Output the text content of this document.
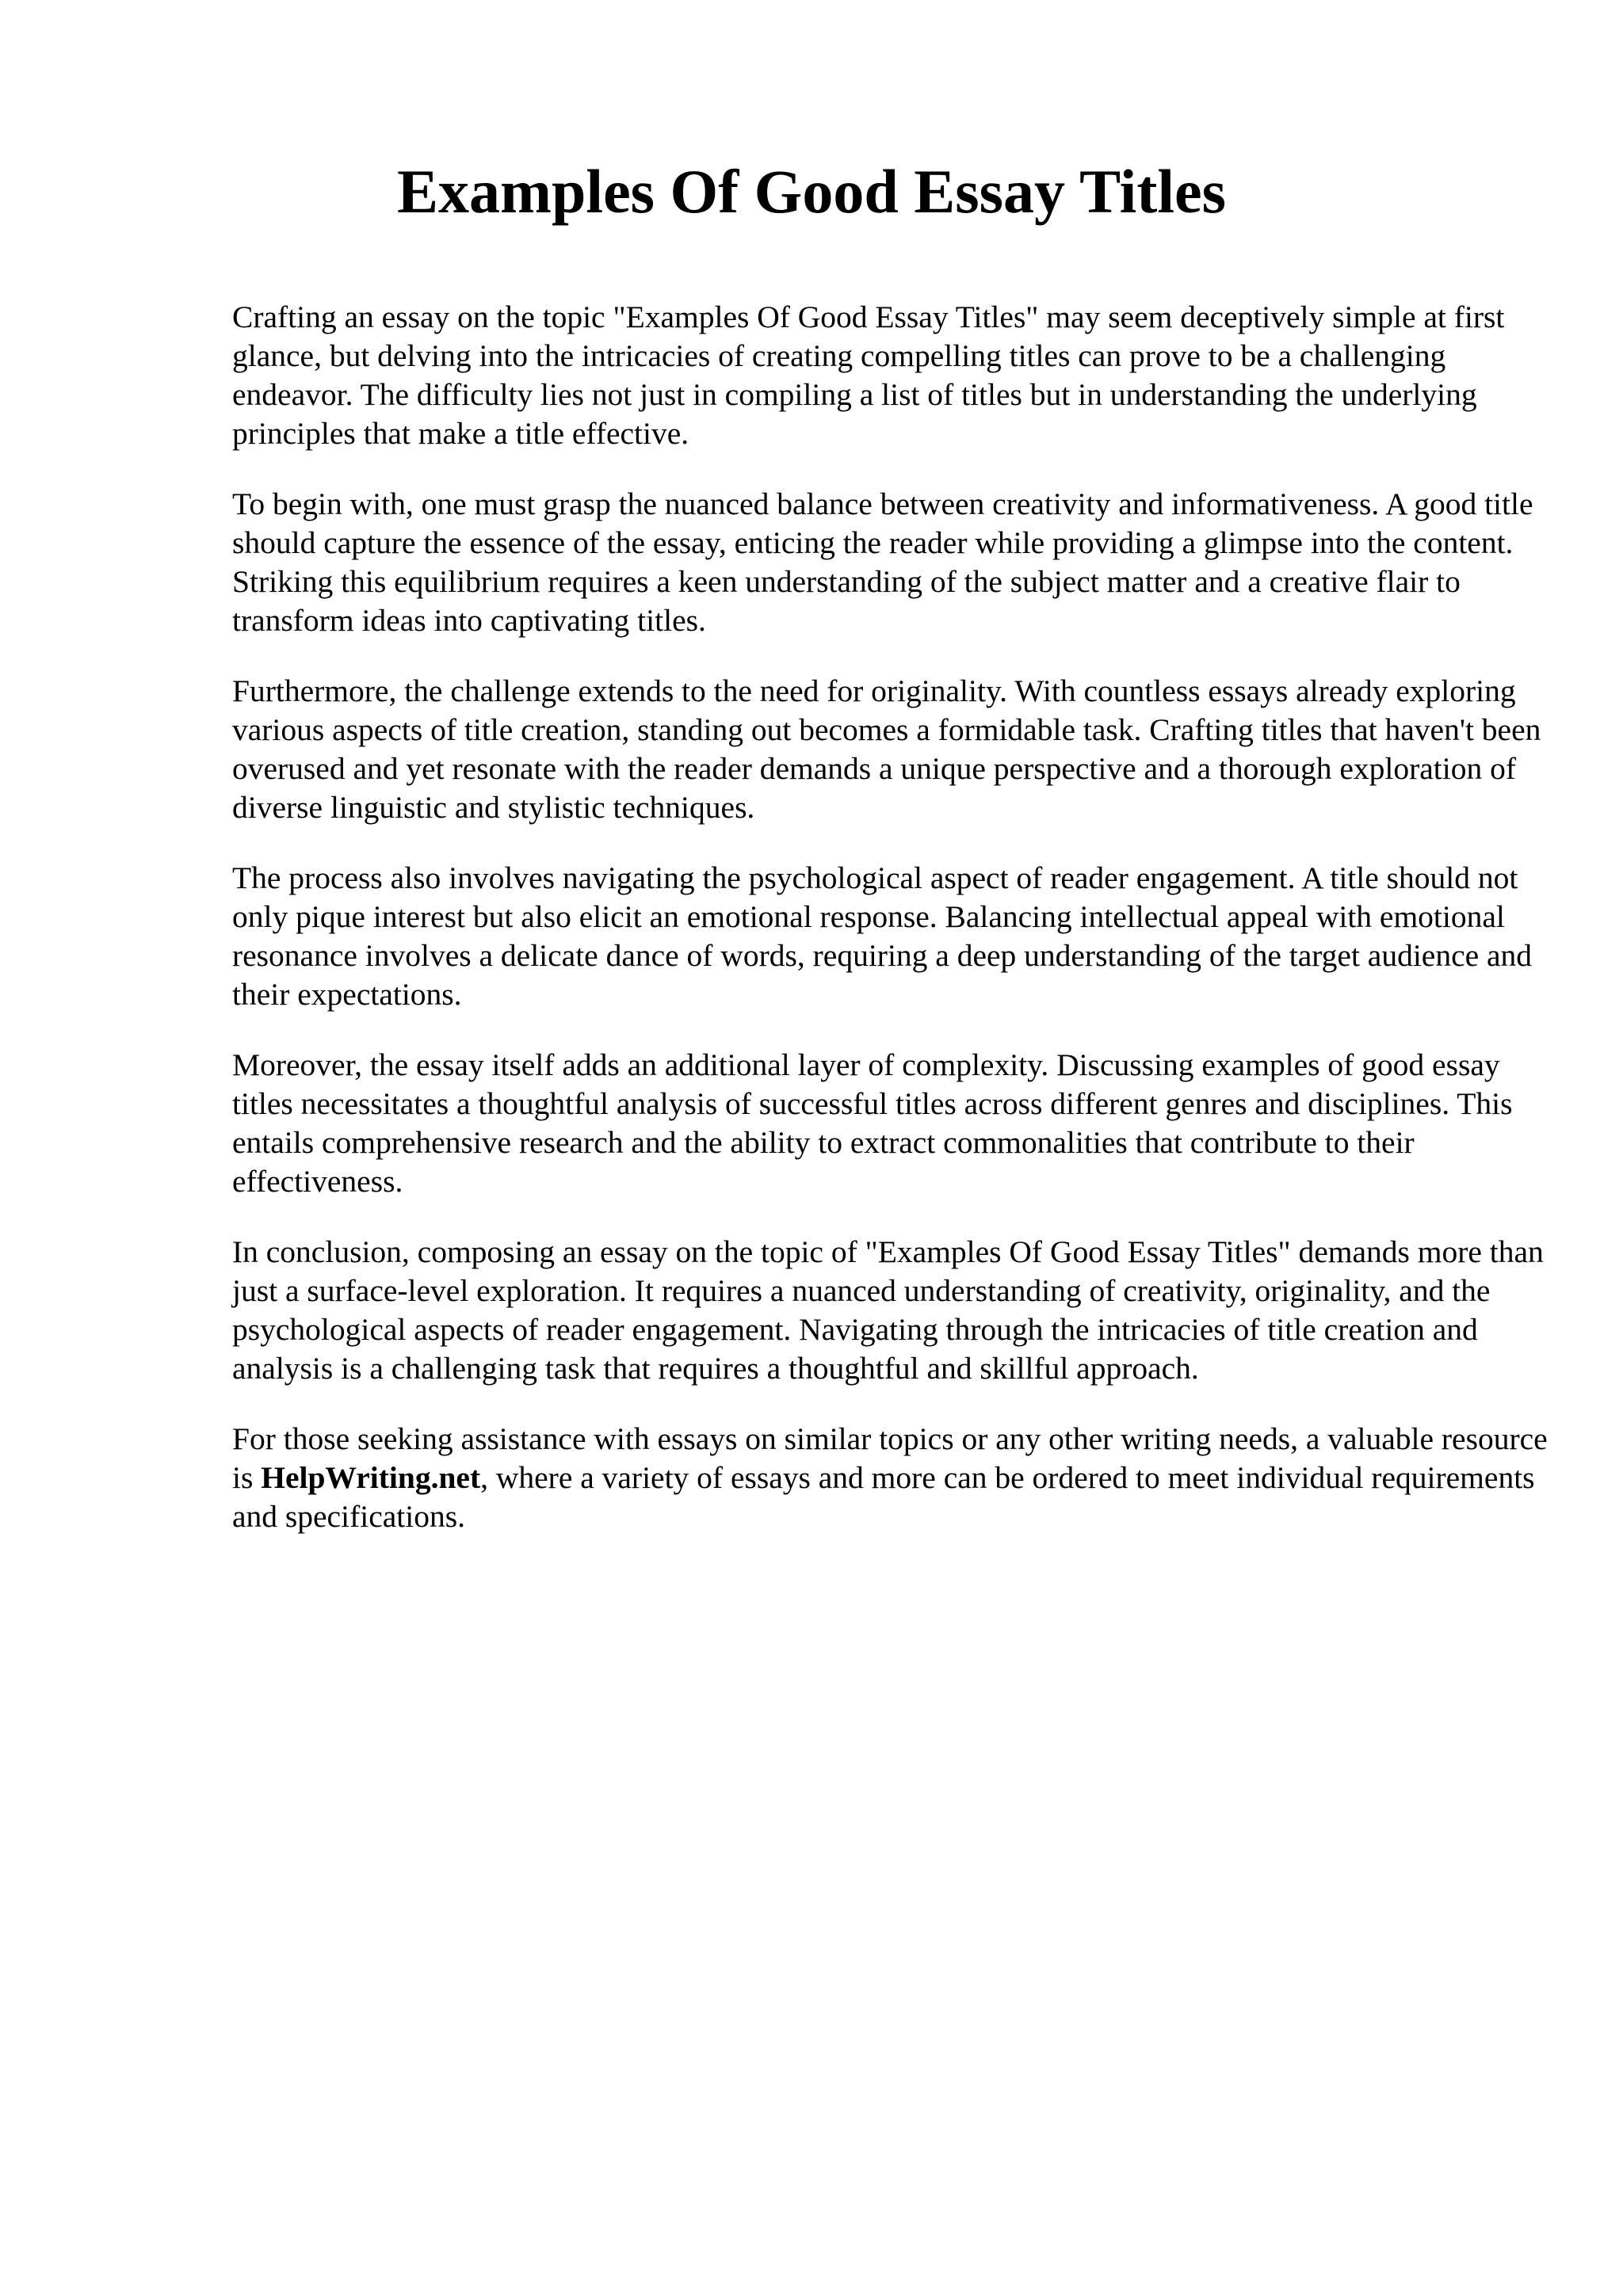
Examples Of Good Essay Titles

Crafting an essay on the topic "Examples Of Good Essay Titles" may seem deceptively simple at first glance, but delving into the intricacies of creating compelling titles can prove to be a challenging endeavor. The difficulty lies not just in compiling a list of titles but in understanding the underlying principles that make a title effective.

To begin with, one must grasp the nuanced balance between creativity and informativeness. A good title should capture the essence of the essay, enticing the reader while providing a glimpse into the content. Striking this equilibrium requires a keen understanding of the subject matter and a creative flair to transform ideas into captivating titles.

Furthermore, the challenge extends to the need for originality. With countless essays already exploring various aspects of title creation, standing out becomes a formidable task. Crafting titles that haven't been overused and yet resonate with the reader demands a unique perspective and a thorough exploration of diverse linguistic and stylistic techniques.

The process also involves navigating the psychological aspect of reader engagement. A title should not only pique interest but also elicit an emotional response. Balancing intellectual appeal with emotional resonance involves a delicate dance of words, requiring a deep understanding of the target audience and their expectations.

Moreover, the essay itself adds an additional layer of complexity. Discussing examples of good essay titles necessitates a thoughtful analysis of successful titles across different genres and disciplines. This entails comprehensive research and the ability to extract commonalities that contribute to their effectiveness.

In conclusion, composing an essay on the topic of "Examples Of Good Essay Titles" demands more than just a surface-level exploration. It requires a nuanced understanding of creativity, originality, and the psychological aspects of reader engagement. Navigating through the intricacies of title creation and analysis is a challenging task that requires a thoughtful and skillful approach.

For those seeking assistance with essays on similar topics or any other writing needs, a valuable resource is HelpWriting.net, where a variety of essays and more can be ordered to meet individual requirements and specifications.
